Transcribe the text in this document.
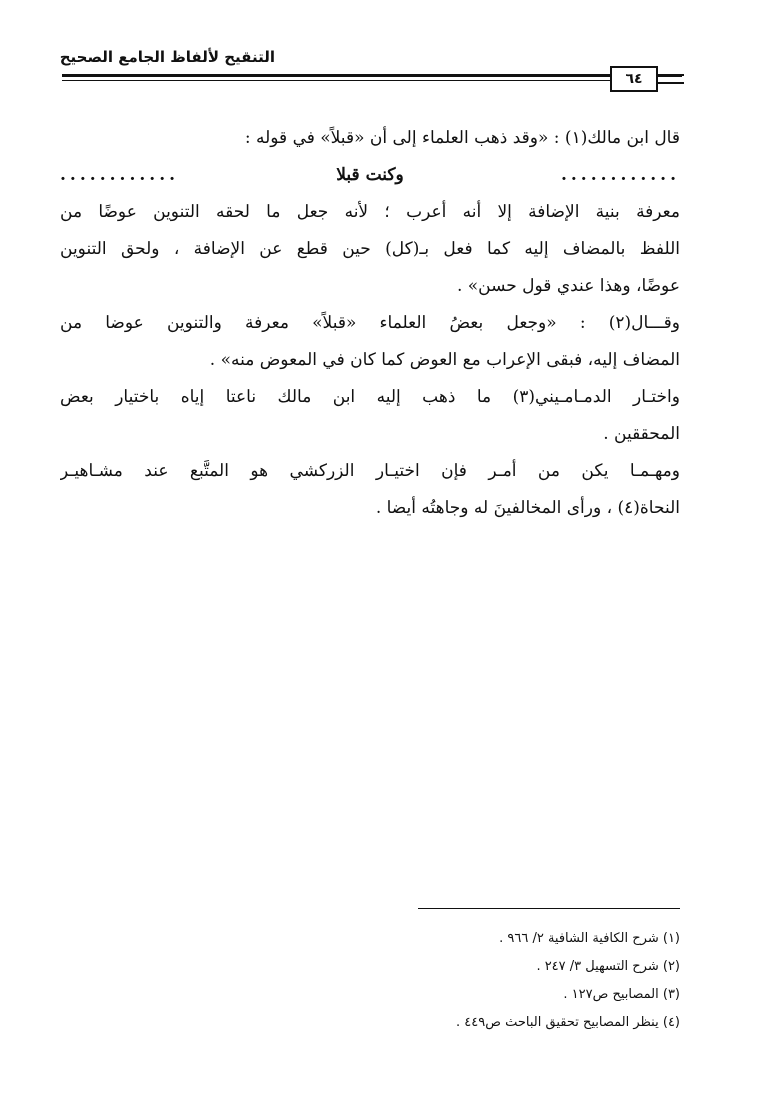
التنقيح لألفاظ الجامع الصحيح
٦٤
قال ابن مالك(١) : «وقد ذهب العلماء إلى أن «قبلاً» في قوله :
............
وكنت قبلا
............
معرفة بنية الإضافة إلا أنه أعرب ؛ لأنه جعل ما لحقه التنوين عوضًا من
اللفظ بالمضاف إليه كما فعل بـ(كل) حين قطع عن الإضافة ، ولحق التنوين
عوضًا، وهذا عندي قول حسن» .
وقـــال(٢) : «وجعل بعضُ العلماء «قبلاً» معرفة والتنوين عوضا من
المضاف إليه، فبقى الإعراب مع العوض كما كان في المعوض منه» .
واختـار الدمـامـيني(٣) ما ذهب إليه ابن مالك ناعتا إياه باختيار بعض
المحققين .
ومهـمـا يكن من أمـر فإن اختيـار الزركشي هو المتَّبع عند مشـاهيـر
النحاة(٤) ، ورأى المخالفينَ له وجاهتُه أيضا .
(١) شرح الكافية الشافية ٢/ ٩٦٦ .
(٢) شرح التسهيل ٣/ ٢٤٧ .
(٣) المصابيح ص١٢٧ .
(٤) ينظر المصابيح تحقيق الباحث ص٤٤٩ .
